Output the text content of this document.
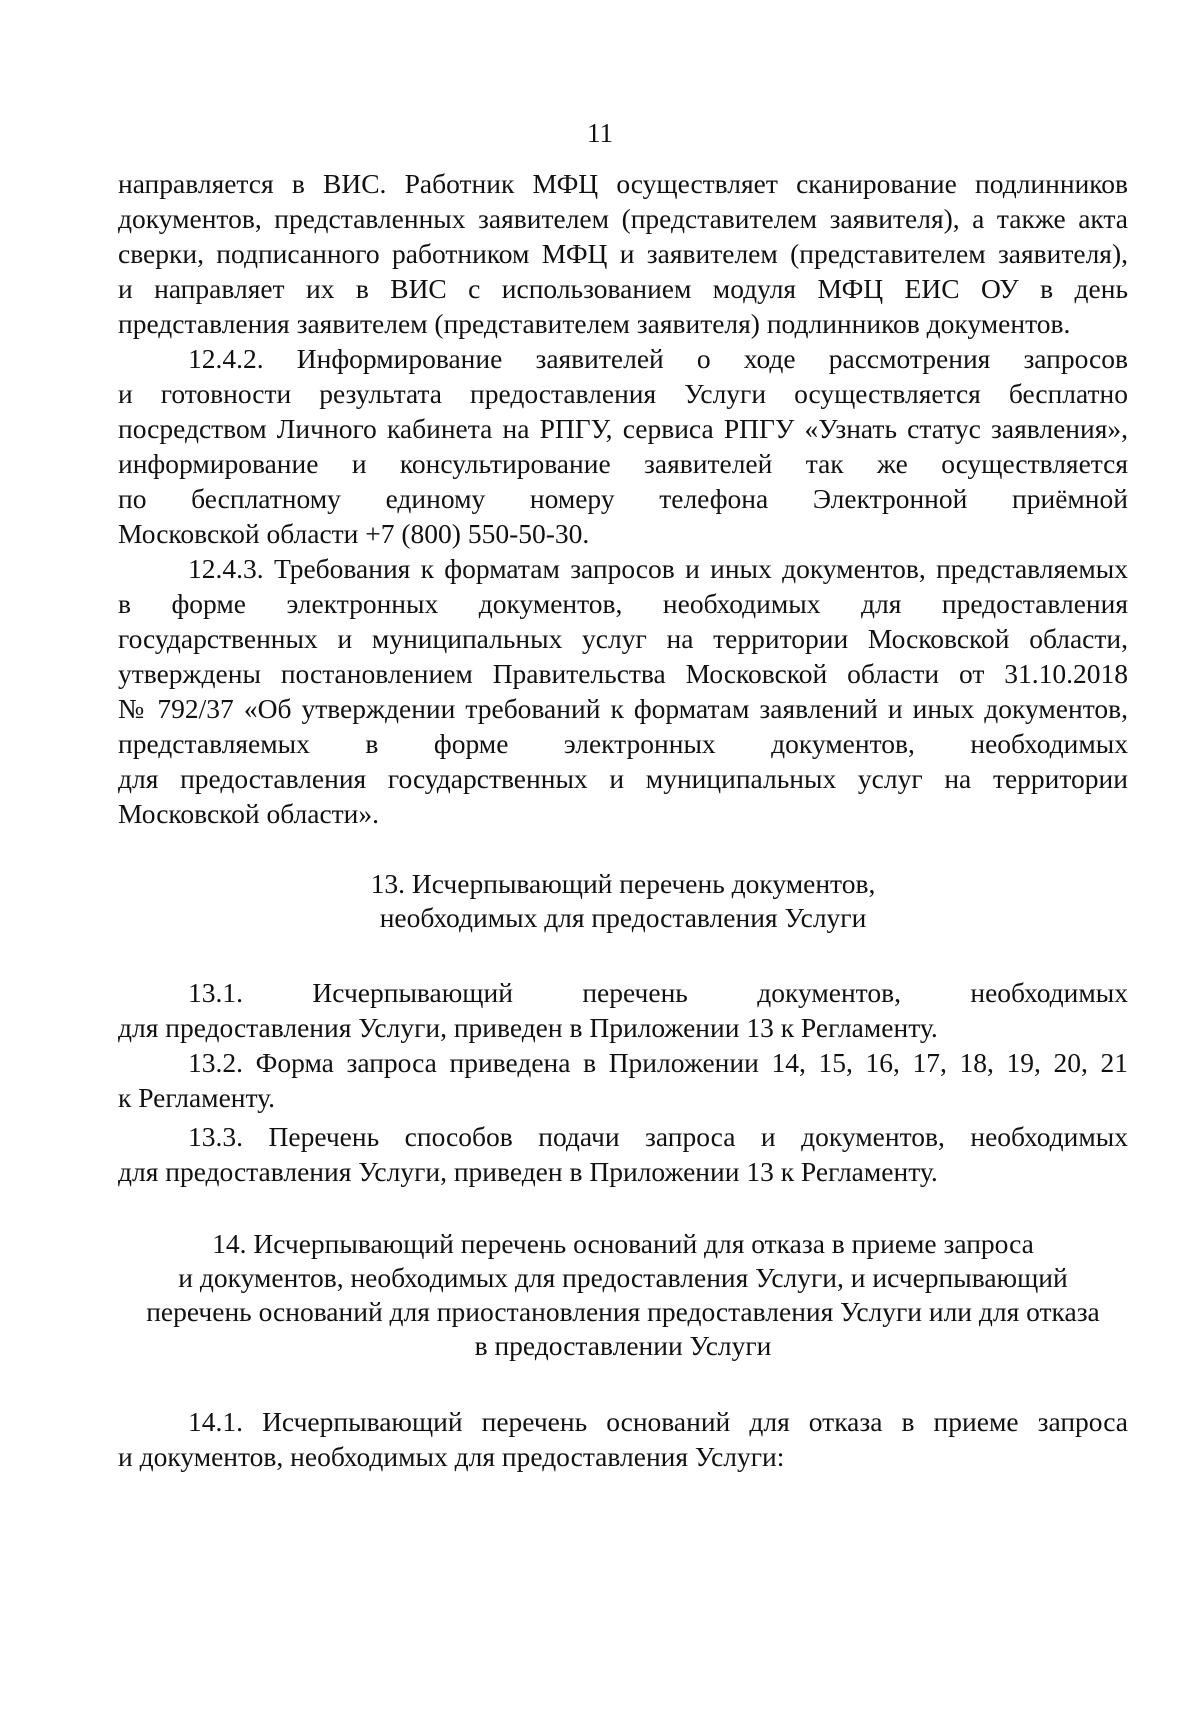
11
направляется в ВИС. Работник МФЦ осуществляет сканирование подлинников
документов, представленных заявителем (представителем заявителя), а также акта
сверки, подписанного работником МФЦ и заявителем (представителем заявителя),
и направляет их в ВИС с использованием модуля МФЦ ЕИС ОУ в день
представления заявителем (представителем заявителя) подлинников документов.
12.4.2. Информирование заявителей о ходе рассмотрения запросов
и готовности результата предоставления Услуги осуществляется бесплатно
посредством Личного кабинета на РПГУ, сервиса РПГУ «Узнать статус заявления»,
информирование и консультирование заявителей так же осуществляется
по бесплатному единому номеру телефона Электронной приёмной
Московской области +7 (800) 550-50-30.
12.4.3. Требования к форматам запросов и иных документов, представляемых
в форме электронных документов, необходимых для предоставления
государственных и муниципальных услуг на территории Московской области,
утверждены постановлением Правительства Московской области от 31.10.2018
№ 792/37 «Об утверждении требований к форматам заявлений и иных документов,
представляемых в форме электронных документов, необходимых
для предоставления государственных и муниципальных услуг на территории
Московской области».
13. Исчерпывающий перечень документов,
необходимых для предоставления Услуги
13.1. Исчерпывающий перечень документов, необходимых
для предоставления Услуги, приведен в Приложении 13 к Регламенту.
13.2. Форма запроса приведена в Приложении 14, 15, 16, 17, 18, 19, 20, 21
к Регламенту.
13.3. Перечень способов подачи запроса и документов, необходимых
для предоставления Услуги, приведен в Приложении 13 к Регламенту.
14. Исчерпывающий перечень оснований для отказа в приеме запроса
и документов, необходимых для предоставления Услуги, и исчерпывающий
перечень оснований для приостановления предоставления Услуги или для отказа
в предоставлении Услуги
14.1. Исчерпывающий перечень оснований для отказа в приеме запроса
и документов, необходимых для предоставления Услуги:
